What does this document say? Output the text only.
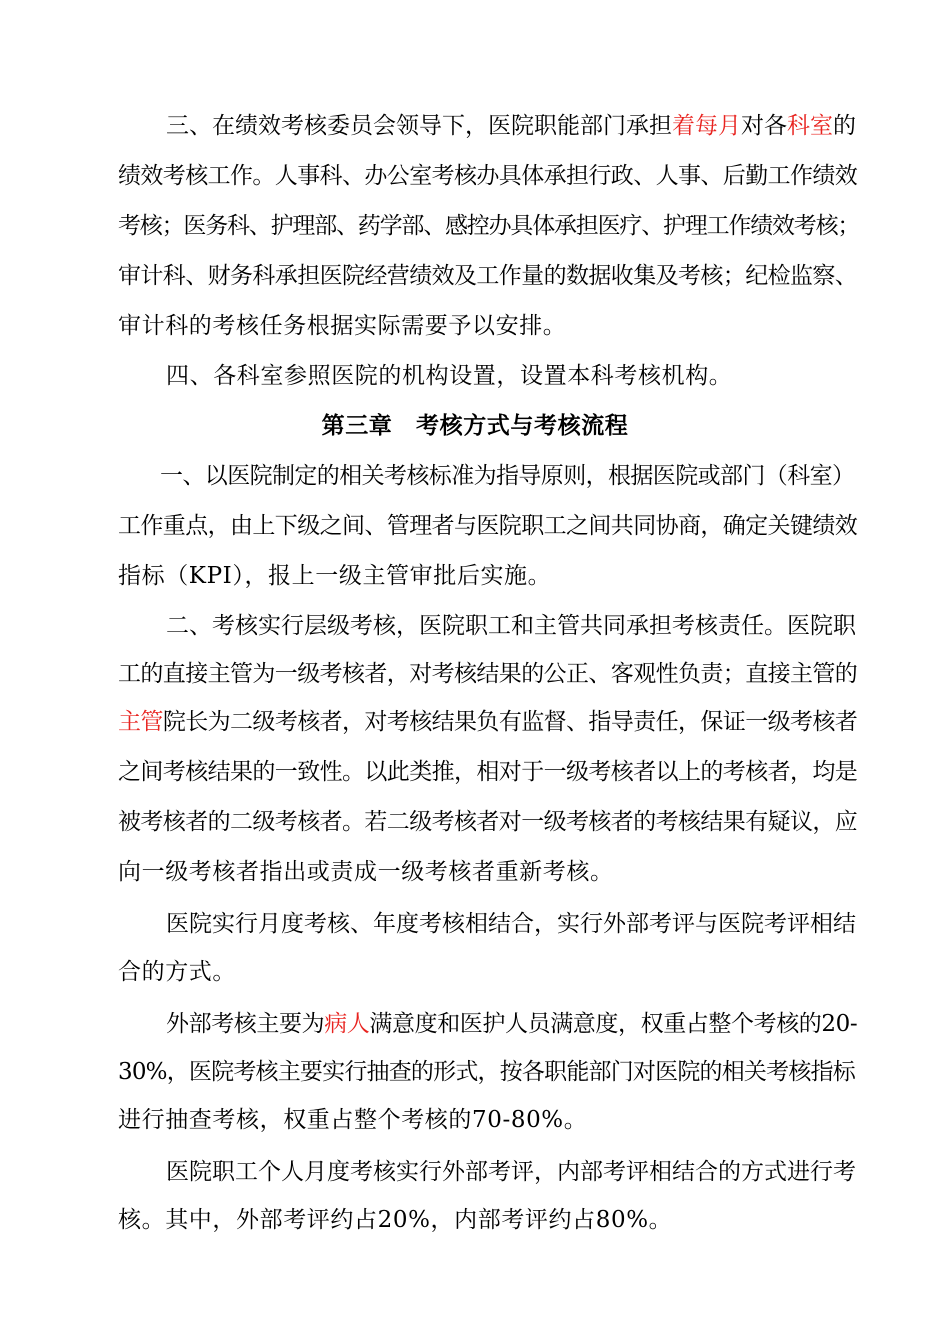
三、在绩效考核委员会领导下，医院职能部门承担着每月对各科室的
绩效考核工作。人事科、办公室考核办具体承担行政、人事、后勤工作绩效
考核；医务科、护理部、药学部、感控办具体承担医疗、护理工作绩效考核；
审计科、财务科承担医院经营绩效及工作量的数据收集及考核；纪检监察、
审计科的考核任务根据实际需要予以安排。
四、各科室参照医院的机构设置，设置本科考核机构。
第三章　考核方式与考核流程
一、以医院制定的相关考核标准为指导原则，根据医院或部门（科室）
工作重点，由上下级之间、管理者与医院职工之间共同协商，确定关键绩效
指标（KPI），报上一级主管审批后实施。
二、考核实行层级考核，医院职工和主管共同承担考核责任。医院职
工的直接主管为一级考核者，对考核结果的公正、客观性负责；直接主管的
主管院长为二级考核者，对考核结果负有监督、指导责任，保证一级考核者
之间考核结果的一致性。以此类推，相对于一级考核者以上的考核者，均是
被考核者的二级考核者。若二级考核者对一级考核者的考核结果有疑议，应
向一级考核者指出或责成一级考核者重新考核。
医院实行月度考核、年度考核相结合，实行外部考评与医院考评相结
合的方式。
外部考核主要为病人满意度和医护人员满意度，权重占整个考核的20-
30%，医院考核主要实行抽查的形式，按各职能部门对医院的相关考核指标
进行抽查考核，权重占整个考核的70-80%。
医院职工个人月度考核实行外部考评，内部考评相结合的方式进行考
核。其中，外部考评约占20%，内部考评约占80%。
